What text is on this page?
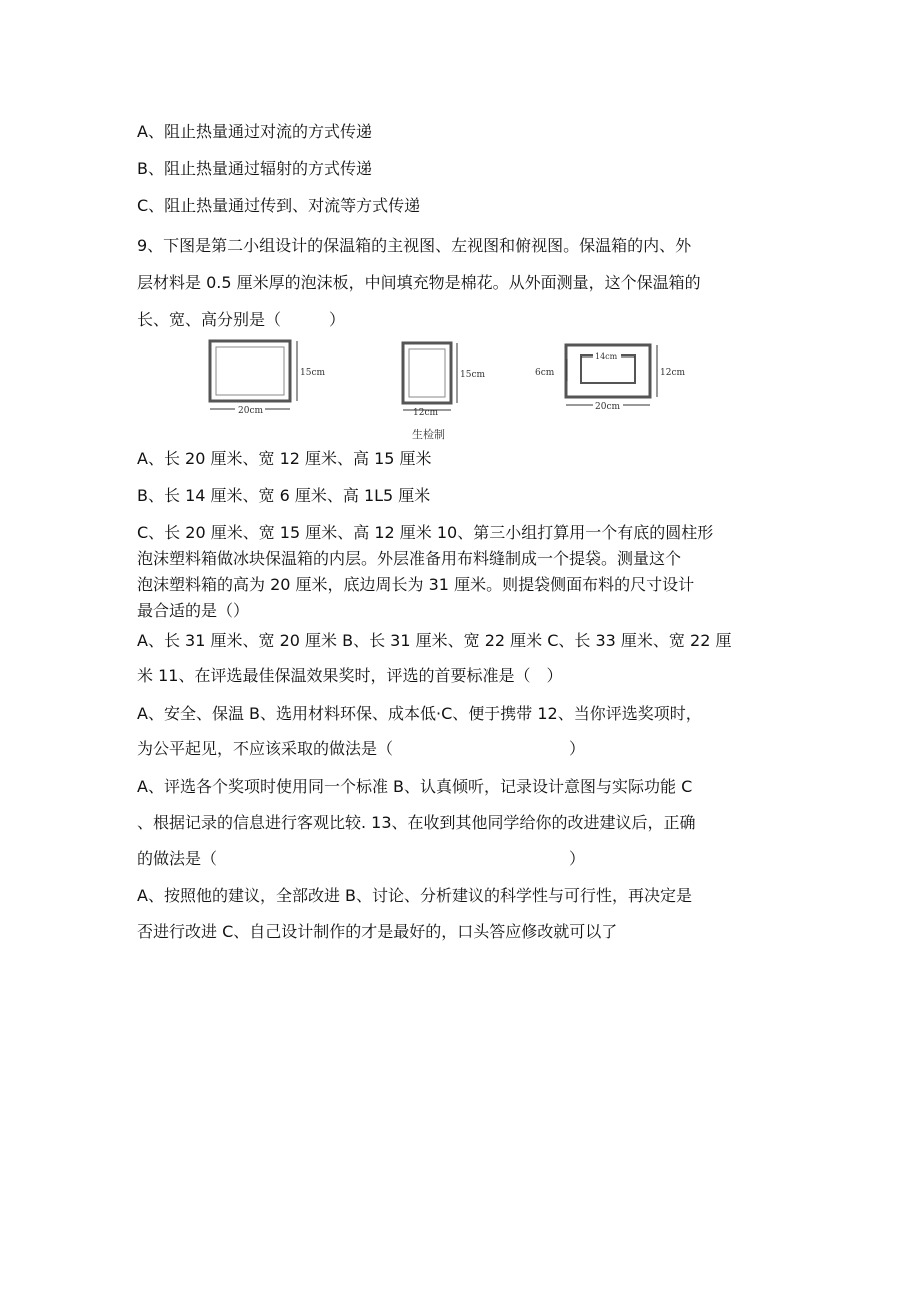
A、阻止热量通过对流的方式传递
B、阻止热量通过辐射的方式传递
C、阻止热量通过传到、对流等方式传递
9、下图是第二小组设计的保温箱的主视图、左视图和俯视图。保温箱的内、外
层材料是 0.5 厘米厚的泡沫板，中间填充物是棉花。从外面测量，这个保温箱的
长、宽、高分别是（　　　）
15cm
20cm
15cm
12cm
14cm
6cm	12cm
20cm
生检制
A、长 20 厘米、宽 12 厘米、高 15 厘米
B、长 14 厘米、宽 6 厘米、高 1L5 厘米
C、长 20 厘米、宽 15 厘米、高 12 厘米 10、第三小组打算用一个有底的圆柱形
泡沫塑料箱做冰块保温箱的内层。外层准备用布料缝制成一个提袋。测量这个
泡沫塑料箱的高为 20 厘米，底边周长为 31 厘米。则提袋侧面布料的尺寸设计
最合适的是（）
A、长 31 厘米、宽 20 厘米 B、长 31 厘米、宽 22 厘米 C、长 33 厘米、宽 22 厘
米 11、在评选最佳保温效果奖时，评选的首要标准是（　）
A、安全、保温 B、选用材料环保、成本低·C、便于携带 12、当你评选奖项时，
为公平起见，不应该采取的做法是（　　　　　　　　　　　）
A、评选各个奖项时使用同一个标准 B、认真倾听，记录设计意图与实际功能 C
、根据记录的信息进行客观比较. 13、在收到其他同学给你的改进建议后，正确
的做法是（　　　　　　　　　　　　　　　　　　　　　　）
A、按照他的建议，全部改进 B、讨论、分析建议的科学性与可行性，再决定是
否进行改进 C、自己设计制作的才是最好的，口头答应修改就可以了
